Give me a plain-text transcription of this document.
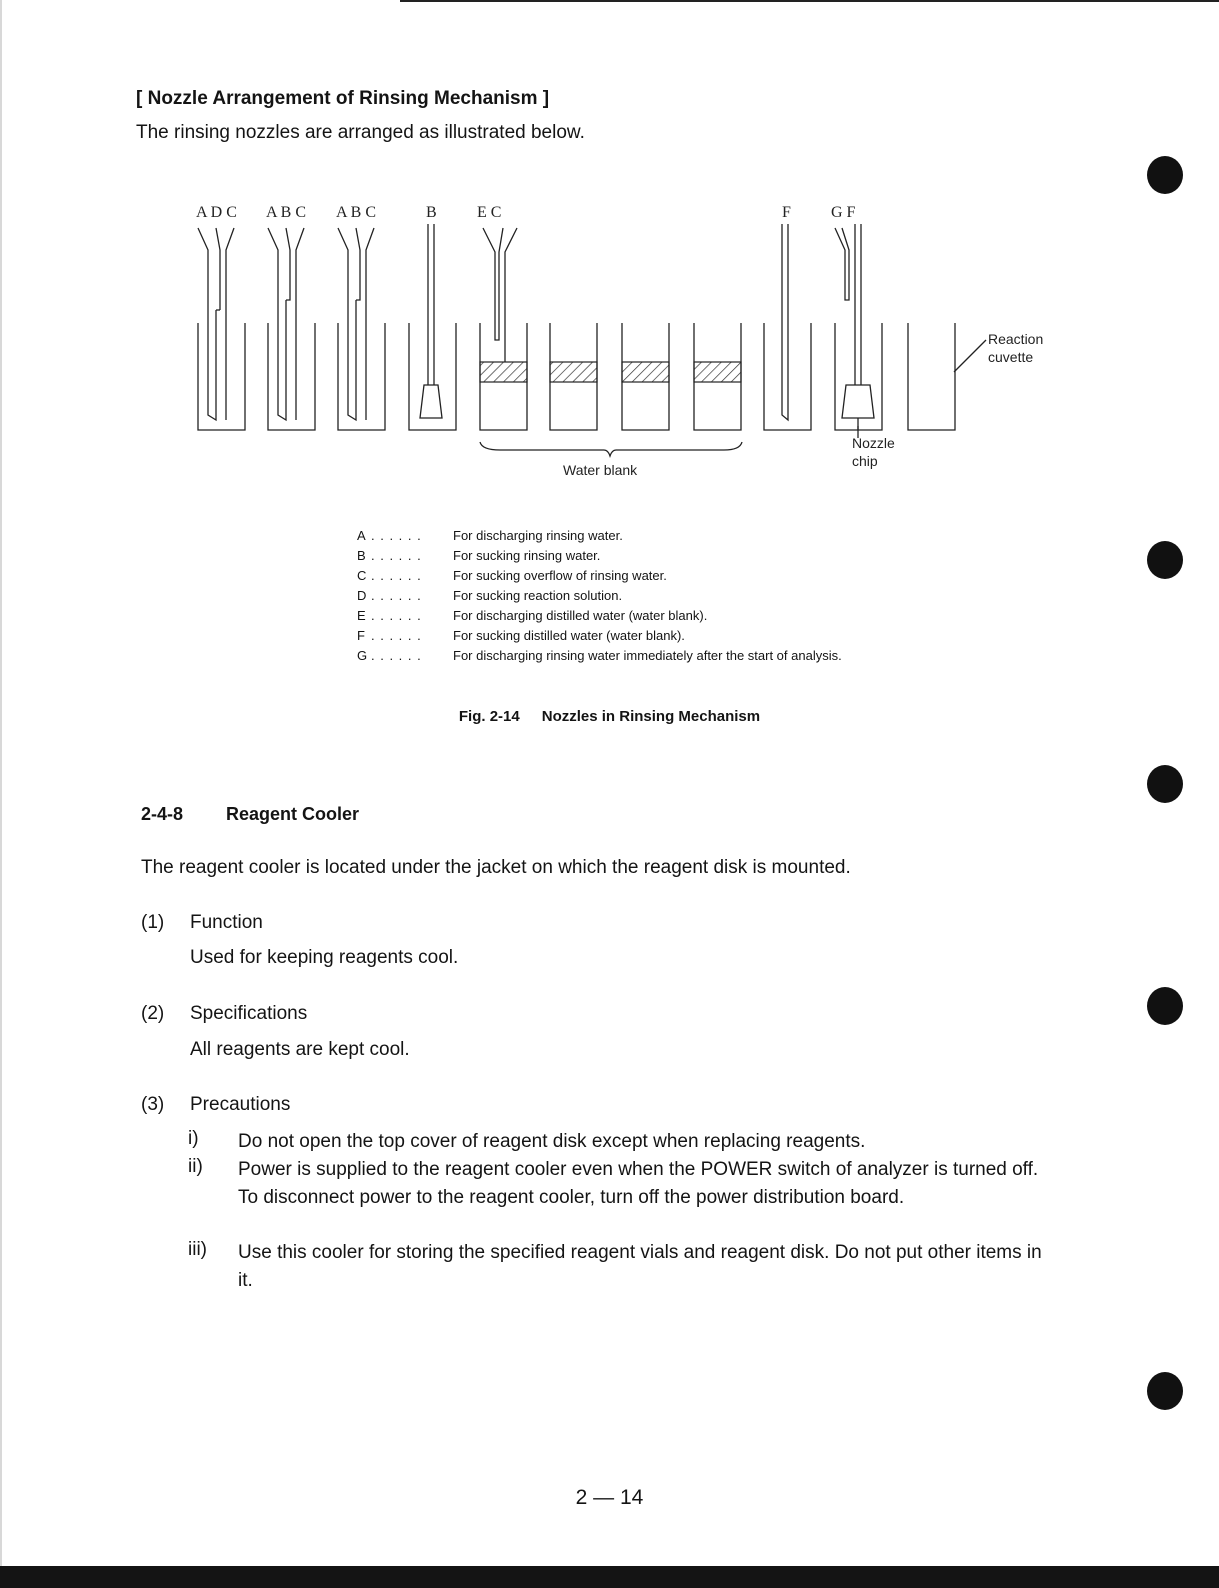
[ Nozzle Arrangement of Rinsing Mechanism ]
The rinsing nozzles are arranged as illustrated below.
A D C A B C A B C	B	E C	F	G F
Water blank
Nozzle
chip
Reaction
cuvette
A . . . . . .	For discharging rinsing water.
B . . . . . .	For sucking rinsing water.
C . . . . . .	For sucking overflow of rinsing water.
D . . . . . .	For sucking reaction solution.
E . . . . . .	For discharging distilled water (water blank).
F . . . . . .	For sucking distilled water (water blank).
G . . . . . .	For discharging rinsing water immediately after the start of analysis.
Fig. 2-14 Nozzles in Rinsing Mechanism
2-4-8 Reagent Cooler
The reagent cooler is located under the jacket on which the reagent disk is mounted.
(1) Function
Used for keeping reagents cool.
(2) Specifications
All reagents are kept cool.
(3) Precautions
i) Do not open the top cover of reagent disk except when replacing reagents.
ii) Power is supplied to the reagent cooler even when the POWER switch of analyzer is turned off. To disconnect power to the reagent cooler, turn off the power distribution board.
iii) Use this cooler for storing the specified reagent vials and reagent disk. Do not put other items in it.
2 — 14
